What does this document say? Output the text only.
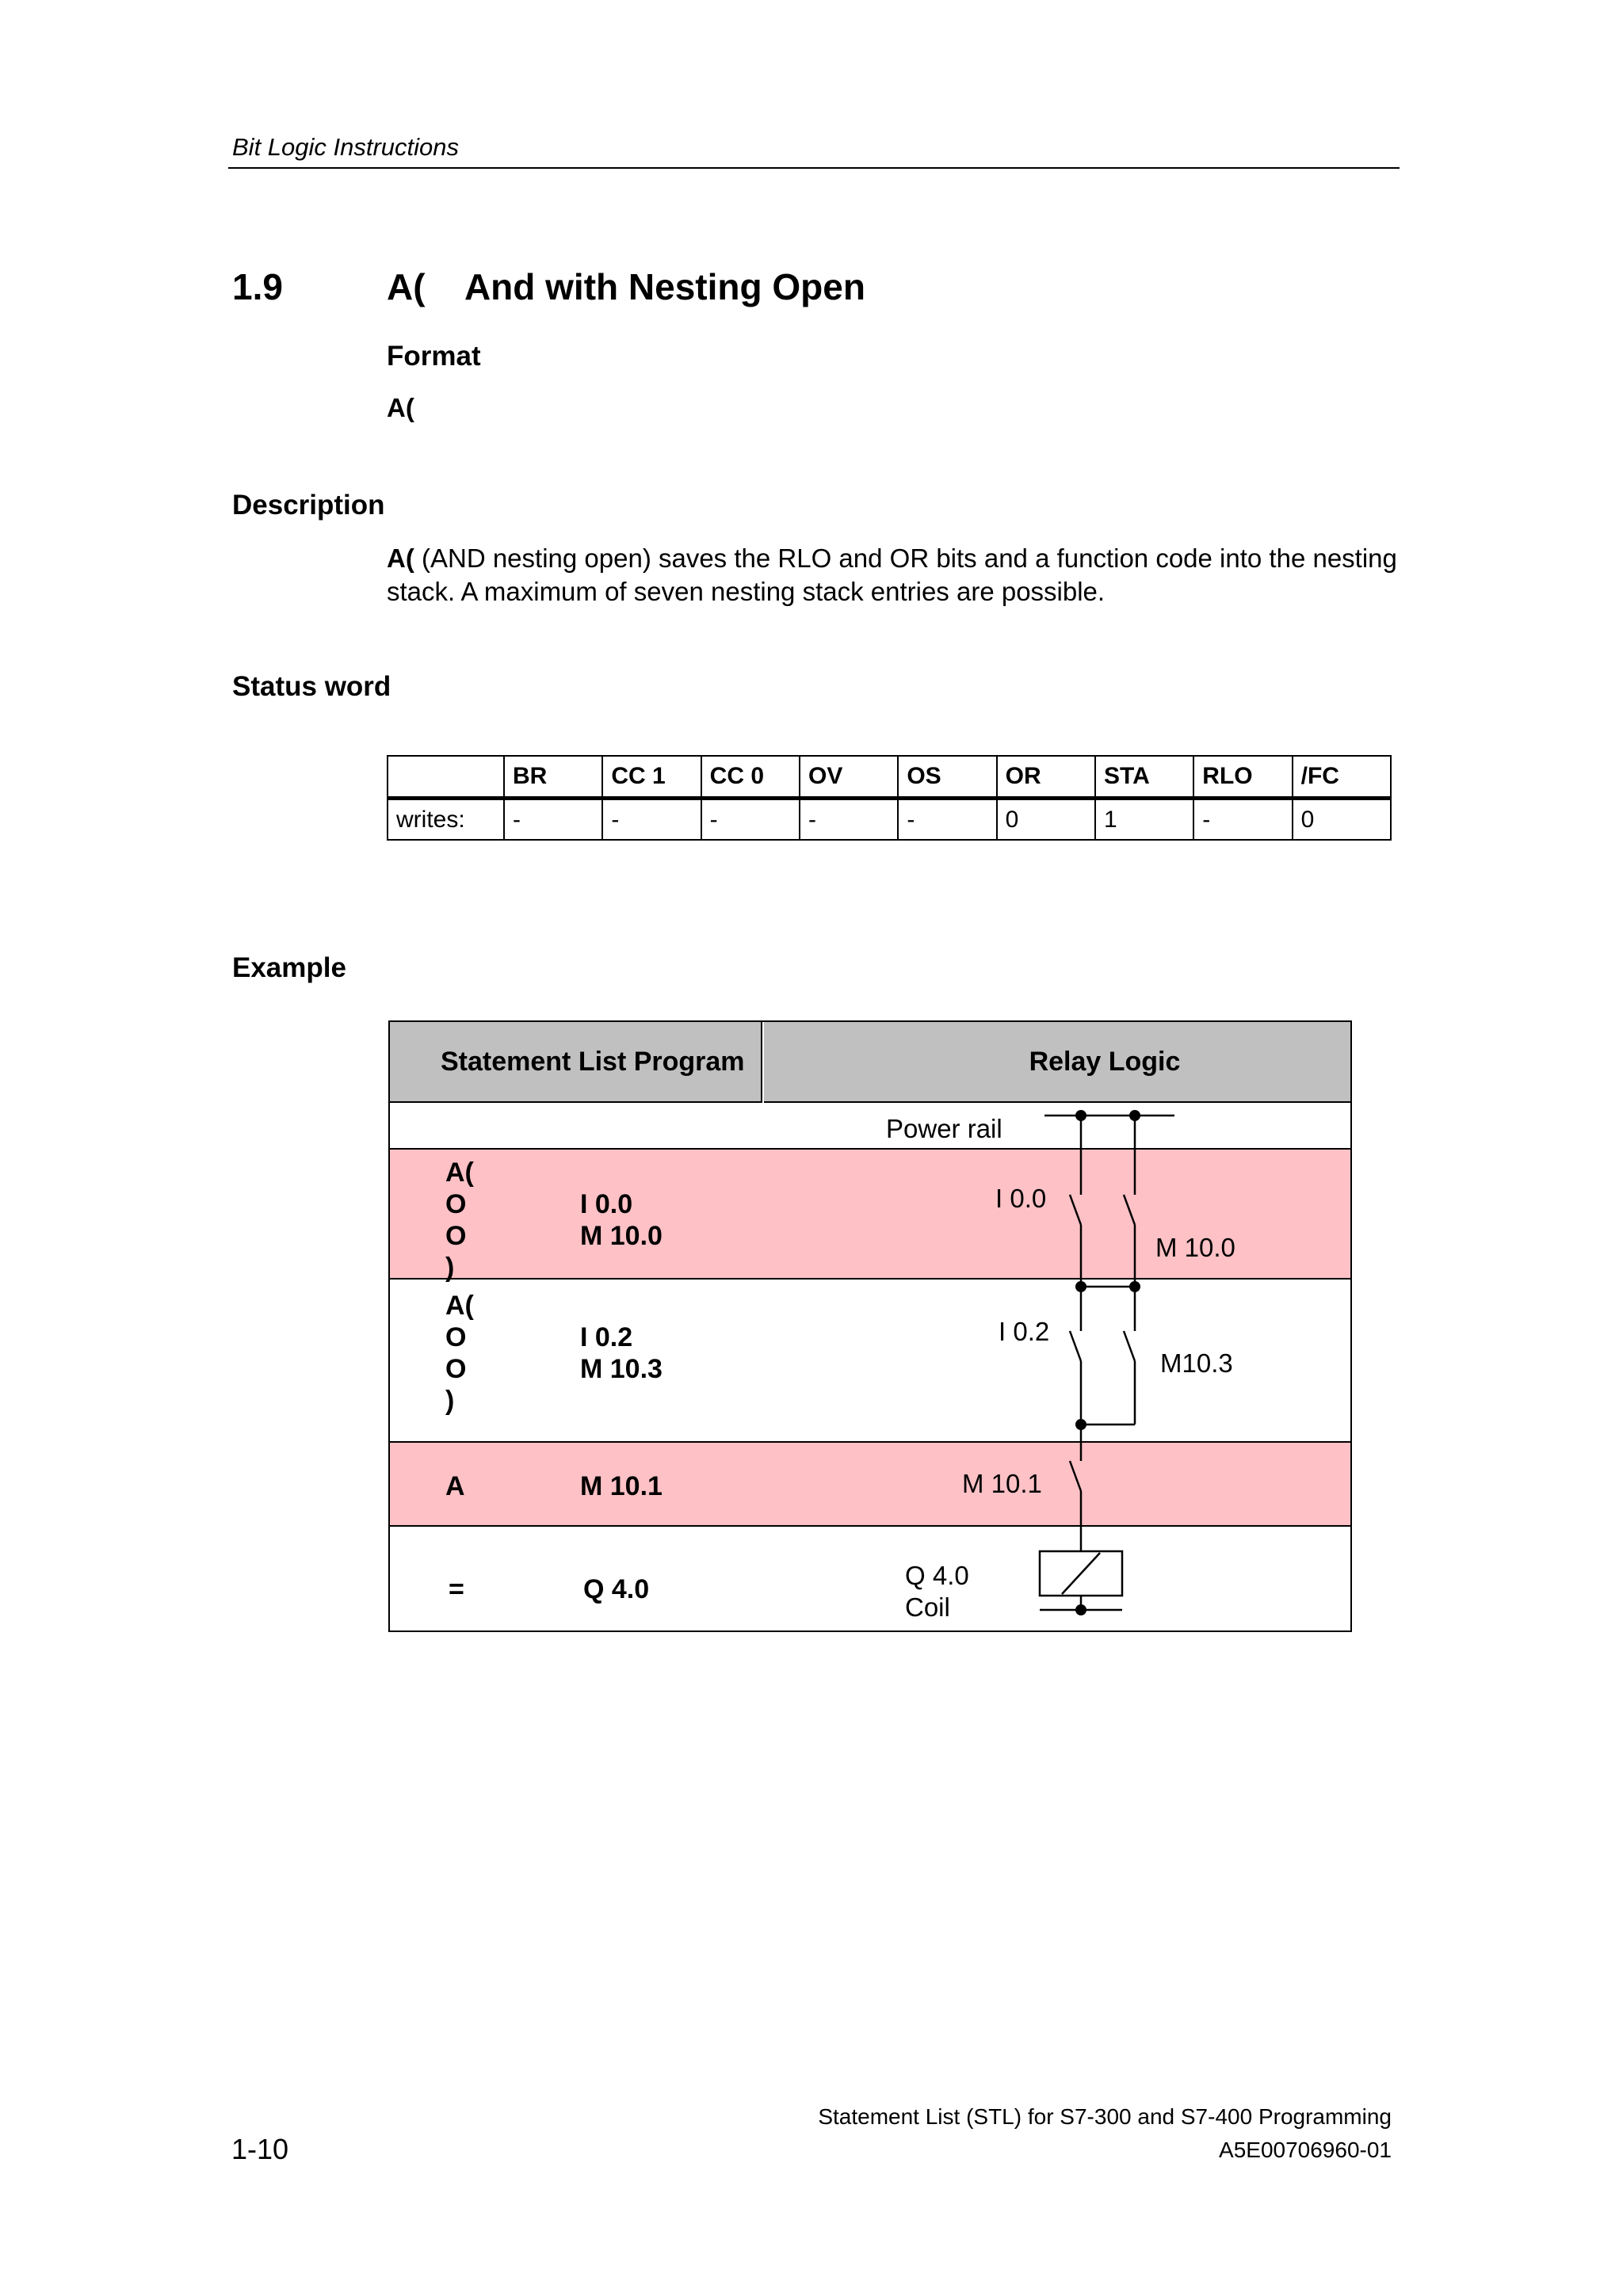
Bit Logic Instructions
1.9	A(    And with Nesting Open
Format
A(
Description
A( (AND nesting open) saves the RLO and OR bits and a function code into the nesting stack. A maximum of seven nesting stack entries are possible.
Status word
	BR	CC 1	CC 0	OV	OS	OR	STA	RLO	/FC
writes:	-	-	-	-	-	0	1	-	0
Example
Statement List Program	Relay Logic
A(
O	I 0.0
O	M 10.0
)
A(
O	I 0.2
O	M 10.3
)
A	M 10.1
=	Q 4.0
Power rail
I 0.0
M 10.0
I 0.2
M10.3
M 10.1
Q 4.0
Coil
Statement List (STL) for S7-300 and S7-400 Programming
1-10	A5E00706960-01
